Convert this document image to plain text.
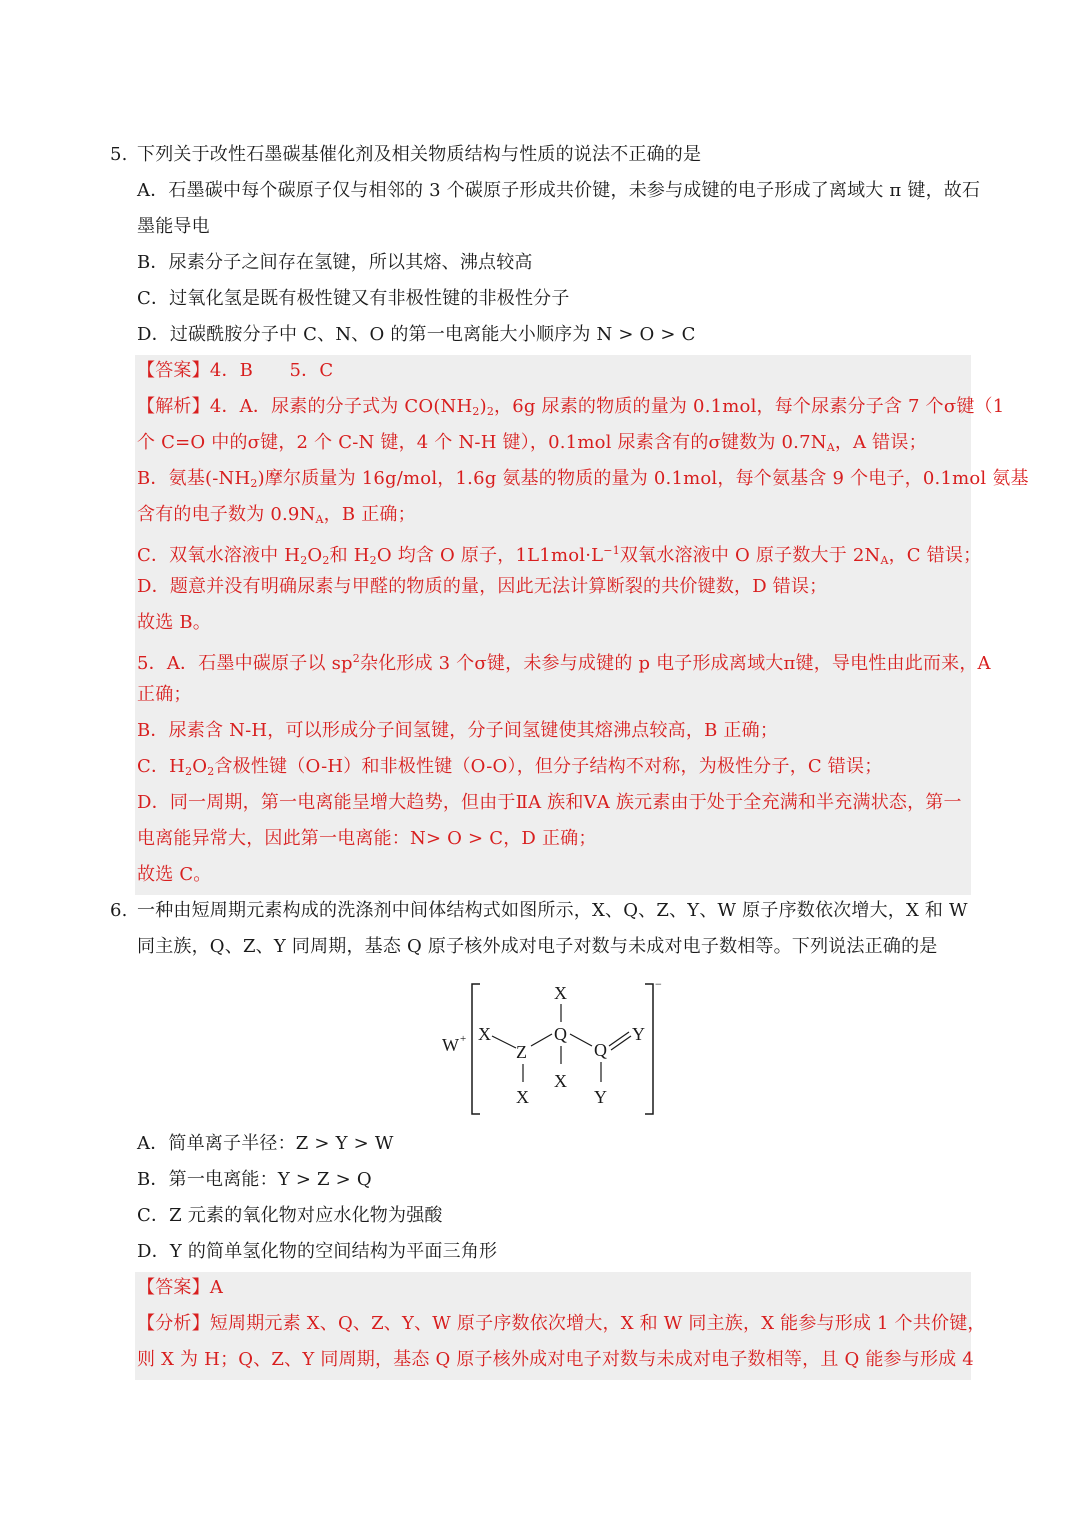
5. 下列关于改性石墨碳基催化剂及相关物质结构与性质的说法不正确的是
A．石墨碳中每个碳原子仅与相邻的 3 个碳原子形成共价键，未参与成键的电子形成了离域大 π 键，故石
墨能导电
B．尿素分子之间存在氢键，所以其熔、沸点较高
C．过氧化氢是既有极性键又有非极性键的非极性分子
D．过碳酰胺分子中 C、N、O 的第一电离能大小顺序为 N > O > C
【答案】4．B　　5．C
【解析】4．A．尿素的分子式为 $CO(NH_2)_2$，6g 尿素的物质的量为 0.1mol，每个尿素分子含 7 个σ键（1
个 C=O 中的σ键，2 个 C-N 键，4 个 N-H 键），0.1mol 尿素含有的σ键数为 $0.7N_A$，A 错误；
B．氨基$(-NH_2)$摩尔质量为 16g/mol，1.6g 氨基的物质的量为 0.1mol，每个氨基含 9 个电子，0.1mol 氨基
含有的电子数为 $0.9N_A$，B 正确；
C．双氧水溶液中 $H_2O_2$和 $H_2O$ 均含 O 原子，$1L1mol\cdot L^{-1}$双氧水溶液中 O 原子数大于 $2N_A$，C 错误；
D．题意并没有明确尿素与甲醛的物质的量，因此无法计算断裂的共价键数，D 错误；
故选 B。
5．A．石墨中碳原子以 $sp^2$杂化形成 3 个σ键，未参与成键的 p 电子形成离域大π键，导电性由此而来，A
正确；
B．尿素含 N-H，可以形成分子间氢键，分子间氢键使其熔沸点较高，B 正确；
C．$H_2O_2$含极性键（O-H）和非极性键（O-O），但分子结构不对称，为极性分子，C 错误；
D．同一周期，第一电离能呈增大趋势，但由于ⅡA 族和ⅤA 族元素由于处于全充满和半充满状态，第一
电离能异常大，因此第一电离能：N> O > C，D 正确；
故选 C。
6. 一种由短周期元素构成的洗涤剂中间体结构式如图所示，X、Q、Z、Y、W 原子序数依次增大，X 和 W
同主族，Q、Z、Y 同周期，基态 Q 原子核外成对电子对数与未成对电子数相等。下列说法正确的是
W +
−
X
Z
X
X
Q
X
Q
Y
Y
A．简单离子半径：Z > Y > W
B．第一电离能：Y > Z > Q
C．Z 元素的氧化物对应水化物为强酸
D．Y 的简单氢化物的空间结构为平面三角形
【答案】A
【分析】短周期元素 X、Q、Z、Y、W 原子序数依次增大，X 和 W 同主族，X 能参与形成 1 个共价键，
则 X 为 H；Q、Z、Y 同周期，基态 Q 原子核外成对电子对数与未成对电子数相等，且 Q 能参与形成 4
